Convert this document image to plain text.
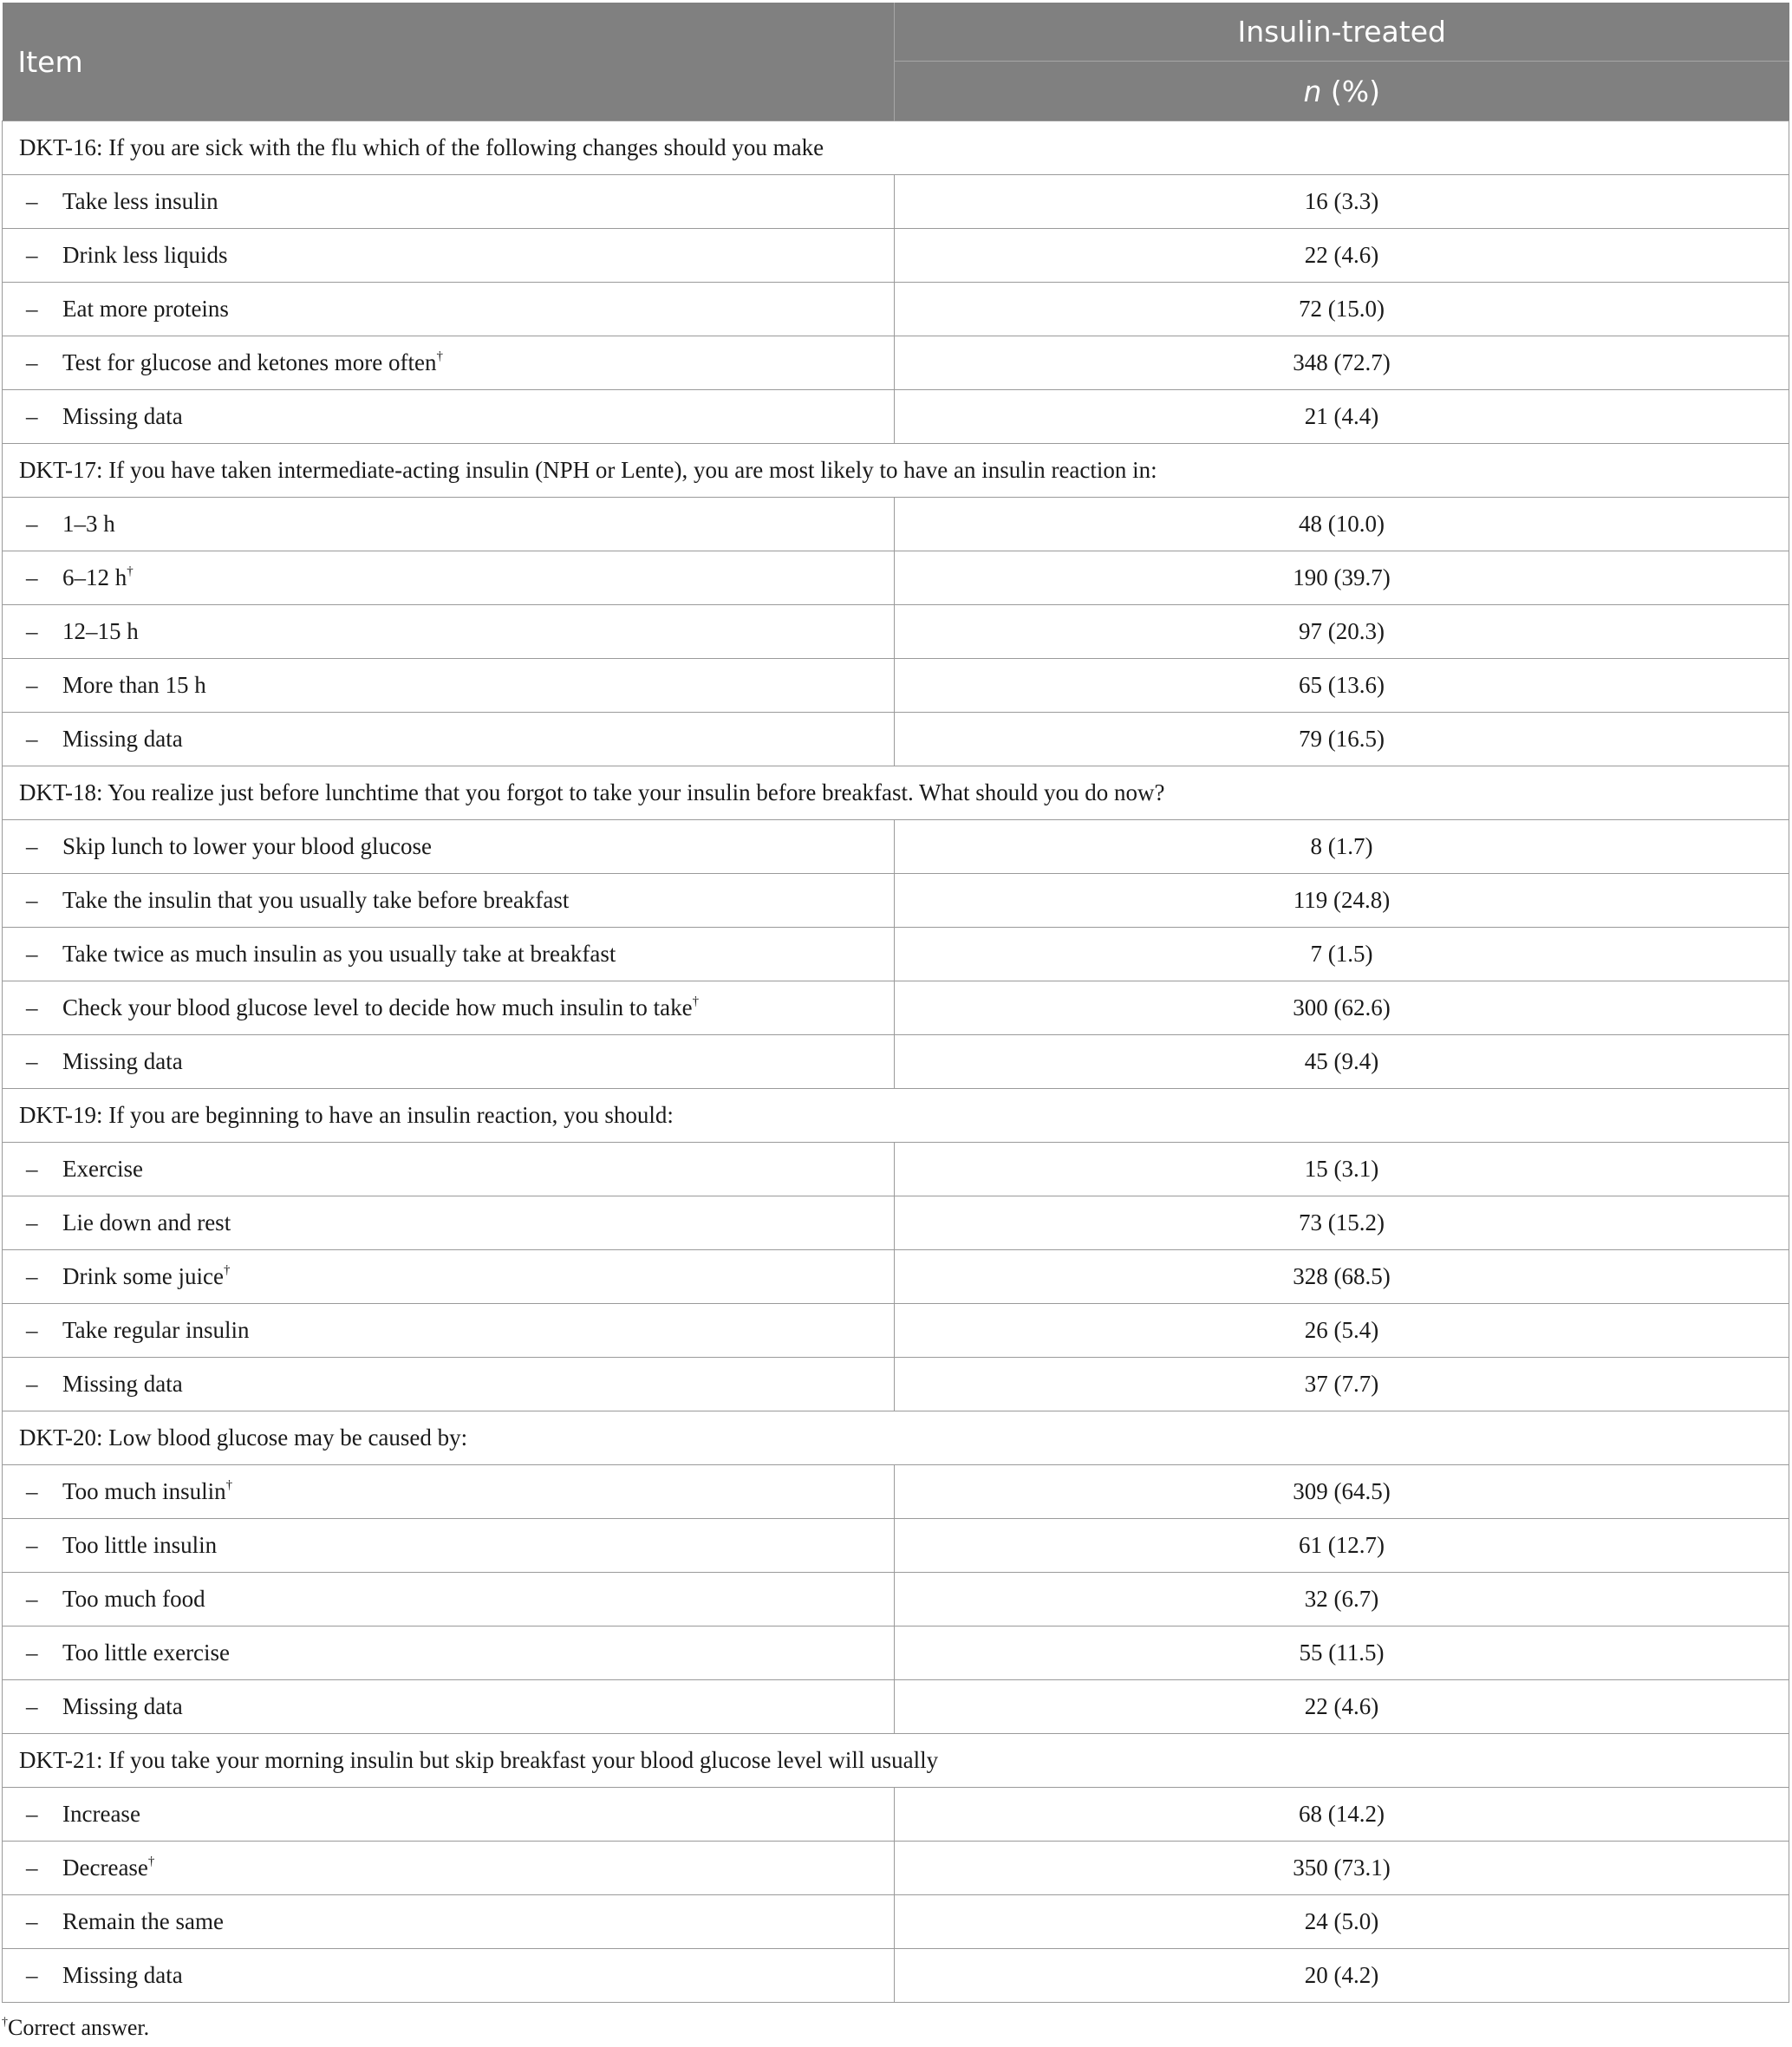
Item	Insulin-treated
	n (%)
DKT-16: If you are sick with the flu which of the following changes should you make	
– Take less insulin	16 (3.3)
– Drink less liquids	22 (4.6)
– Eat more proteins	72 (15.0)
– Test for glucose and ketones more often†	348 (72.7)
– Missing data	21 (4.4)
DKT-17: If you have taken intermediate-acting insulin (NPH or Lente), you are most likely to have an insulin reaction in:	
– 1–3 h	48 (10.0)
– 6–12 h†	190 (39.7)
– 12–15 h	97 (20.3)
– More than 15 h	65 (13.6)
– Missing data	79 (16.5)
DKT-18: You realize just before lunchtime that you forgot to take your insulin before breakfast. What should you do now?	
– Skip lunch to lower your blood glucose	8 (1.7)
– Take the insulin that you usually take before breakfast	119 (24.8)
– Take twice as much insulin as you usually take at breakfast	7 (1.5)
– Check your blood glucose level to decide how much insulin to take†	300 (62.6)
– Missing data	45 (9.4)
DKT-19: If you are beginning to have an insulin reaction, you should:	
– Exercise	15 (3.1)
– Lie down and rest	73 (15.2)
– Drink some juice†	328 (68.5)
– Take regular insulin	26 (5.4)
– Missing data	37 (7.7)
DKT-20: Low blood glucose may be caused by:	
– Too much insulin†	309 (64.5)
– Too little insulin	61 (12.7)
– Too much food	32 (6.7)
– Too little exercise	55 (11.5)
– Missing data	22 (4.6)
DKT-21: If you take your morning insulin but skip breakfast your blood glucose level will usually	
– Increase	68 (14.2)
– Decrease†	350 (73.1)
– Remain the same	24 (5.0)
– Missing data	20 (4.2)
†Correct answer.
